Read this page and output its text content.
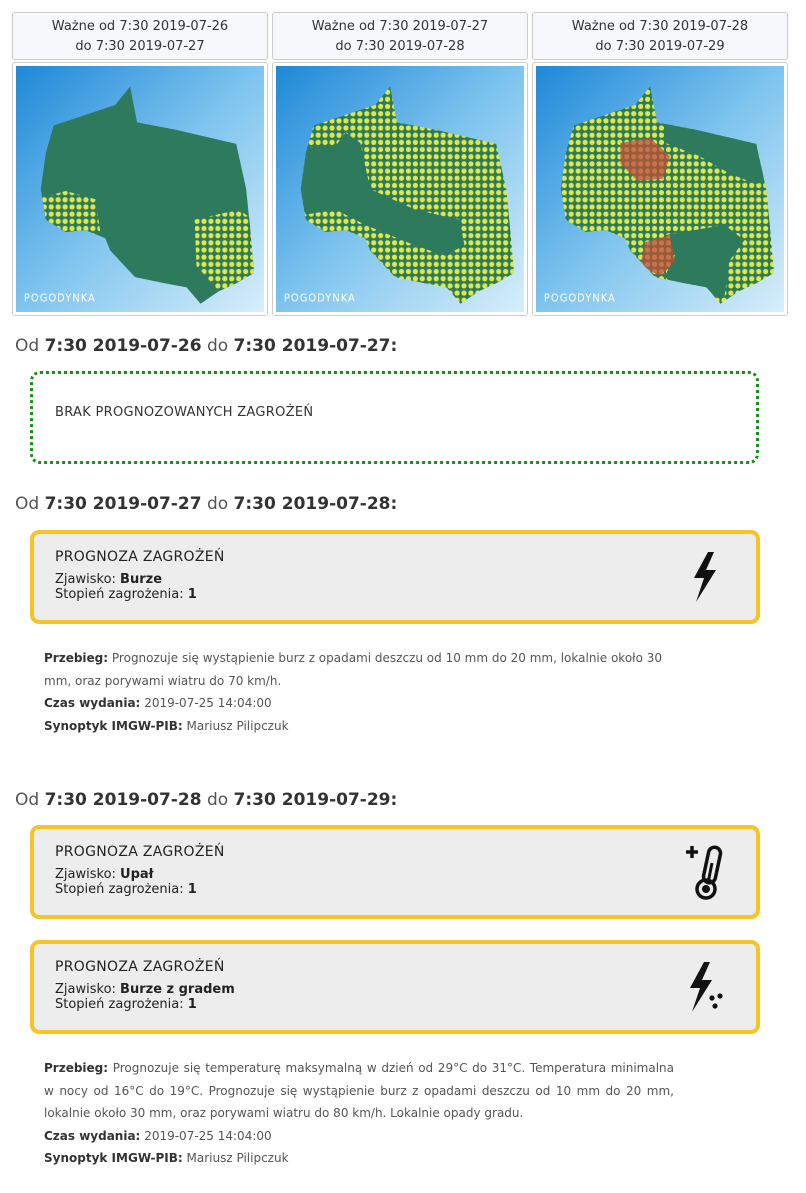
Ważne od 7:30 2019-07-26
do 7:30 2019-07-27
POGODYNKA
Ważne od 7:30 2019-07-27
do 7:30 2019-07-28
POGODYNKA
Ważne od 7:30 2019-07-28
do 7:30 2019-07-29
POGODYNKA
Od 7:30 2019-07-26 do 7:30 2019-07-27:
BRAK PROGNOZOWANYCH ZAGROŻEŃ
Od 7:30 2019-07-27 do 7:30 2019-07-28:
PROGNOZA ZAGROŻEŃ
Zjawisko: Burze
Stopień zagrożenia: 1
Przebieg: Prognozuje się wystąpienie burz z opadami deszczu od 10 mm do 20 mm, lokalnie około 30 mm, oraz porywami wiatru do 70 km/h.
Czas wydania: 2019-07-25 14:04:00
Synoptyk IMGW-PIB: Mariusz Pilipczuk
Od 7:30 2019-07-28 do 7:30 2019-07-29:
PROGNOZA ZAGROŻEŃ
Zjawisko: Upał
Stopień zagrożenia: 1
PROGNOZA ZAGROŻEŃ
Zjawisko: Burze z gradem
Stopień zagrożenia: 1
Przebieg: Prognozuje się temperaturę maksymalną w dzień od 29°C do 31°C. Temperatura minimalna w nocy od 16°C do 19°C. Prognozuje się wystąpienie burz z opadami deszczu od 10 mm do 20 mm, lokalnie około 30 mm, oraz porywami wiatru do 80 km/h. Lokalnie opady gradu.
Czas wydania: 2019-07-25 14:04:00
Synoptyk IMGW-PIB: Mariusz Pilipczuk
